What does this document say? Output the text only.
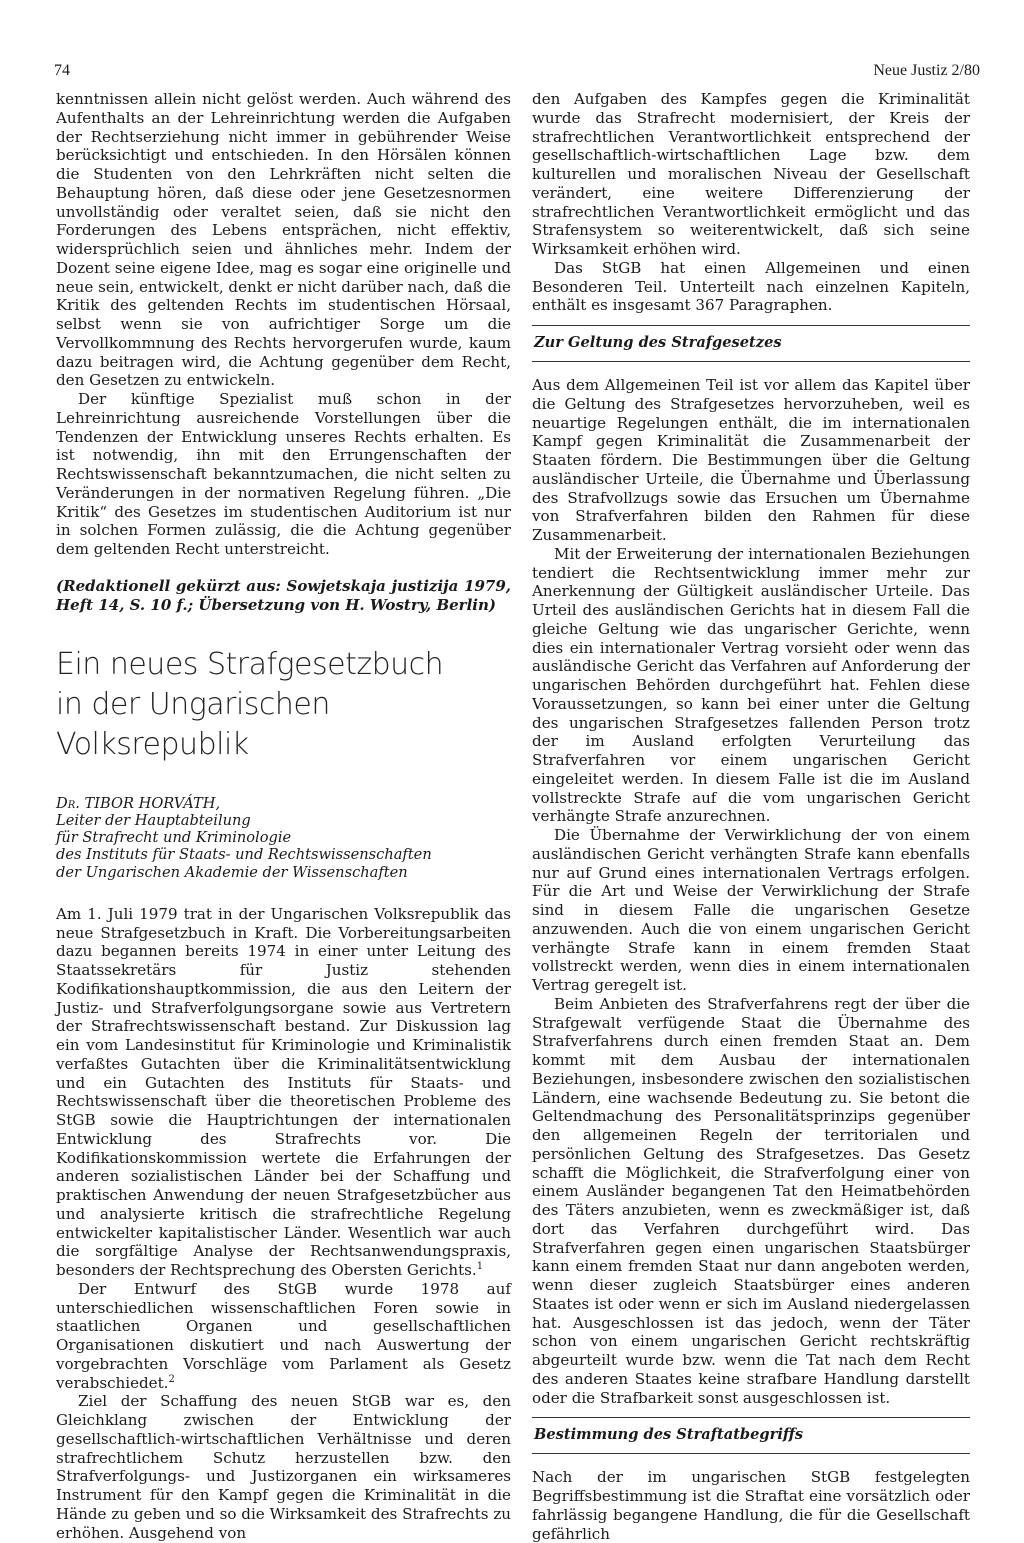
74	Neue Justiz 2/80

kenntnissen allein nicht gelöst werden. Auch während des Aufenthalts an der Lehreinrichtung werden die Aufgaben der Rechtserziehung nicht immer in gebührender Weise berücksichtigt und entschieden. In den Hörsälen können die Studenten von den Lehrkräften nicht selten die Behauptung hören, daß diese oder jene Gesetzesnormen unvollständig oder veraltet seien, daß sie nicht den Forderungen des Lebens entsprächen, nicht effektiv, widersprüchlich seien und ähnliches mehr. Indem der Dozent seine eigene Idee, mag es sogar eine originelle und neue sein, entwickelt, denkt er nicht darüber nach, daß die Kritik des geltenden Rechts im studentischen Hörsaal, selbst wenn sie von aufrichtiger Sorge um die Vervollkommnung des Rechts hervorgerufen wurde, kaum dazu beitragen wird, die Achtung gegenüber dem Recht, den Gesetzen zu entwickeln.

Der künftige Spezialist muß schon in der Lehreinrichtung ausreichende Vorstellungen über die Tendenzen der Entwicklung unseres Rechts erhalten. Es ist notwendig, ihn mit den Errungenschaften der Rechtswissenschaft bekanntzumachen, die nicht selten zu Veränderungen in der normativen Regelung führen. „Die Kritik“ des Gesetzes im studentischen Auditorium ist nur in solchen Formen zulässig, die die Achtung gegenüber dem geltenden Recht unterstreicht.

(Redaktionell gekürzt aus: Sowjetskaja justizija 1979, Heft 14, S. 10 f.; Übersetzung von H. Wostry, Berlin)

Ein neues Strafgesetzbuch
in der Ungarischen Volksrepublik
Dr. TIBOR HORVÁTH,
Leiter der Hauptabteilung
für Strafrecht und Kriminologie
des Instituts für Staats- und Rechtswissenschaften
der Ungarischen Akademie der Wissenschaften

Am 1. Juli 1979 trat in der Ungarischen Volksrepublik das neue Strafgesetzbuch in Kraft. Die Vorbereitungsarbeiten dazu begannen bereits 1974 in einer unter Leitung des Staatssekretärs für Justiz stehenden Kodifikationshauptkommission, die aus den Leitern der Justiz- und Strafverfolgungsorgane sowie aus Vertretern der Strafrechtswissenschaft bestand. Zur Diskussion lag ein vom Landesinstitut für Kriminologie und Kriminalistik verfaßtes Gutachten über die Kriminalitätsentwicklung und ein Gutachten des Instituts für Staats- und Rechtswissenschaft über die theoretischen Probleme des StGB sowie die Hauptrichtungen der internationalen Entwicklung des Strafrechts vor. Die Kodifikationskommission wertete die Erfahrungen der anderen sozialistischen Länder bei der Schaffung und praktischen Anwendung der neuen Strafgesetzbücher aus und analysierte kritisch die strafrechtliche Regelung entwickelter kapitalistischer Länder. Wesentlich war auch die sorgfältige Analyse der Rechtsanwendungspraxis, besonders der Rechtsprechung des Obersten Gerichts.$^1$

Der Entwurf des StGB wurde 1978 auf unterschiedlichen wissenschaftlichen Foren sowie in staatlichen Organen und gesellschaftlichen Organisationen diskutiert und nach Auswertung der vorgebrachten Vorschläge vom Parlament als Gesetz verabschiedet.$^2$

Ziel der Schaffung des neuen StGB war es, den Gleichklang zwischen der Entwicklung der gesellschaftlich-wirtschaftlichen Verhältnisse und deren strafrechtlichem Schutz herzustellen bzw. den Strafverfolgungs- und Justizorganen ein wirksameres Instrument für den Kampf gegen die Kriminalität in die Hände zu geben und so die Wirksamkeit des Strafrechts zu erhöhen. Ausgehend von

den Aufgaben des Kampfes gegen die Kriminalität wurde das Strafrecht modernisiert, der Kreis der strafrechtlichen Verantwortlichkeit entsprechend der gesellschaftlich-wirtschaftlichen Lage bzw. dem kulturellen und moralischen Niveau der Gesellschaft verändert, eine weitere Differenzierung der strafrechtlichen Verantwortlichkeit ermöglicht und das Strafensystem so weiterentwickelt, daß sich seine Wirksamkeit erhöhen wird.

Das StGB hat einen Allgemeinen und einen Besonderen Teil. Unterteilt nach einzelnen Kapiteln, enthält es insgesamt 367 Paragraphen.

Zur Geltung des Strafgesetzes

Aus dem Allgemeinen Teil ist vor allem das Kapitel über die Geltung des Strafgesetzes hervorzuheben, weil es neuartige Regelungen enthält, die im internationalen Kampf gegen Kriminalität die Zusammenarbeit der Staaten fördern. Die Bestimmungen über die Geltung ausländischer Urteile, die Übernahme und Überlassung des Strafvollzugs sowie das Ersuchen um Übernahme von Strafverfahren bilden den Rahmen für diese Zusammenarbeit.

Mit der Erweiterung der internationalen Beziehungen tendiert die Rechtsentwicklung immer mehr zur Anerkennung der Gültigkeit ausländischer Urteile. Das Urteil des ausländischen Gerichts hat in diesem Fall die gleiche Geltung wie das ungarischer Gerichte, wenn dies ein internationaler Vertrag vorsieht oder wenn das ausländische Gericht das Verfahren auf Anforderung der ungarischen Behörden durchgeführt hat. Fehlen diese Voraussetzungen, so kann bei einer unter die Geltung des ungarischen Strafgesetzes fallenden Person trotz der im Ausland erfolgten Verurteilung das Strafverfahren vor einem ungarischen Gericht eingeleitet werden. In diesem Falle ist die im Ausland vollstreckte Strafe auf die vom ungarischen Gericht verhängte Strafe anzurechnen.

Die Übernahme der Verwirklichung der von einem ausländischen Gericht verhängten Strafe kann ebenfalls nur auf Grund eines internationalen Vertrags erfolgen. Für die Art und Weise der Verwirklichung der Strafe sind in diesem Falle die ungarischen Gesetze anzuwenden. Auch die von einem ungarischen Gericht verhängte Strafe kann in einem fremden Staat vollstreckt werden, wenn dies in einem internationalen Vertrag geregelt ist.

Beim Anbieten des Strafverfahrens regt der über die Strafgewalt verfügende Staat die Übernahme des Strafverfahrens durch einen fremden Staat an. Dem kommt mit dem Ausbau der internationalen Beziehungen, insbesondere zwischen den sozialistischen Ländern, eine wachsende Bedeutung zu. Sie betont die Geltendmachung des Personalitätsprinzips gegenüber den allgemeinen Regeln der territorialen und persönlichen Geltung des Strafgesetzes. Das Gesetz schafft die Möglichkeit, die Strafverfolgung einer von einem Ausländer begangenen Tat den Heimatbehörden des Täters anzubieten, wenn es zweckmäßiger ist, daß dort das Verfahren durchgeführt wird. Das Strafverfahren gegen einen ungarischen Staatsbürger kann einem fremden Staat nur dann angeboten werden, wenn dieser zugleich Staatsbürger eines anderen Staates ist oder wenn er sich im Ausland niedergelassen hat. Ausgeschlossen ist das jedoch, wenn der Täter schon von einem ungarischen Gericht rechtskräftig abgeurteilt wurde bzw. wenn die Tat nach dem Recht des anderen Staates keine strafbare Handlung darstellt oder die Strafbarkeit sonst ausgeschlossen ist.

Bestimmung des Straftatbegriffs

Nach der im ungarischen StGB festgelegten Begriffsbestimmung ist die Straftat eine vorsätzlich oder fahrlässig begangene Handlung, die für die Gesellschaft gefährlich
